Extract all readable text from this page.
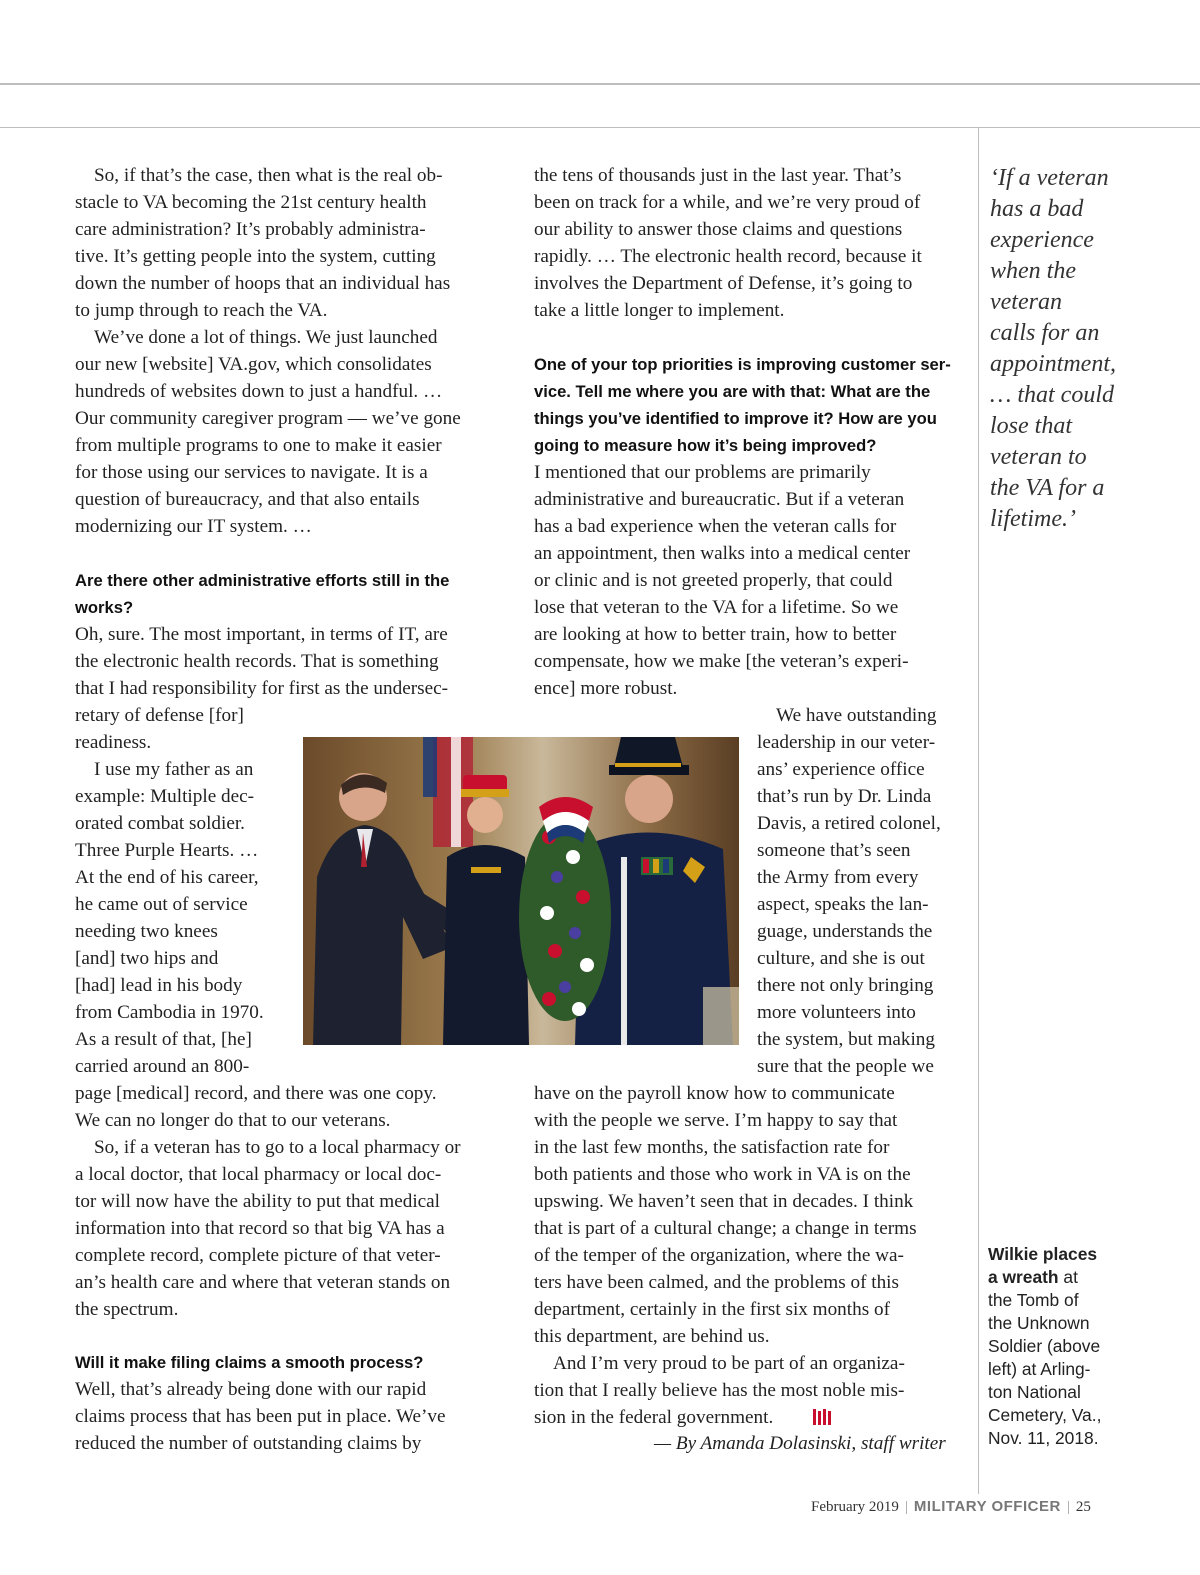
So, if that’s the case, then what is the real ob-
stacle to VA becoming the 21st century health
care administration? It’s probably administra-
tive. It’s getting people into the system, cutting
down the number of hoops that an individual has
to jump through to reach the VA.
We’ve done a lot of things. We just launched
our new [website] VA.gov, which consolidates
hundreds of websites down to just a handful. …
Our community caregiver program — we’ve gone
from multiple programs to one to make it easier
for those using our services to navigate. It is a
question of bureaucracy, and that also entails
modernizing our IT system. …
Are there other administrative efforts still in the
works?
Oh, sure. The most important, in terms of IT, are
the electronic health records. That is something
that I had responsibility for first as the undersec-
retary of defense [for]
readiness.
I use my father as an
example: Multiple dec-
orated combat soldier.
Three Purple Hearts. …
At the end of his career,
he came out of service
needing two knees
[and] two hips and
[had] lead in his body
from Cambodia in 1970.
As a result of that, [he]
carried around an 800-
page [medical] record, and there was one copy.
We can no longer do that to our veterans.
So, if a veteran has to go to a local pharmacy or
a local doctor, that local pharmacy or local doc-
tor will now have the ability to put that medical
information into that record so that big VA has a
complete record, complete picture of that veter-
an’s health care and where that veteran stands on
the spectrum.
Will it make filing claims a smooth process?
Well, that’s already being done with our rapid
claims process that has been put in place. We’ve
reduced the number of outstanding claims by
the tens of thousands just in the last year. That’s
been on track for a while, and we’re very proud of
our ability to answer those claims and questions
rapidly. … The electronic health record, because it
involves the Department of Defense, it’s going to
take a little longer to implement.
One of your top priorities is improving customer ser-
vice. Tell me where you are with that: What are the
things you’ve identified to improve it? How are you
going to measure how it’s being improved?
I mentioned that our problems are primarily
administrative and bureaucratic. But if a veteran
has a bad experience when the veteran calls for
an appointment, then walks into a medical center
or clinic and is not greeted properly, that could
lose that veteran to the VA for a lifetime. So we
are looking at how to better train, how to better
compensate, how we make [the veteran’s experi-
ence] more robust.
We have outstanding
leadership in our veter-
ans’ experience office
that’s run by Dr. Linda
Davis, a retired colonel,
someone that’s seen
the Army from every
aspect, speaks the lan-
guage, understands the
culture, and she is out
there not only bringing
more volunteers into
the system, but making
sure that the people we
have on the payroll know how to communicate
with the people we serve. I’m happy to say that
in the last few months, the satisfaction rate for
both patients and those who work in VA is on the
upswing. We haven’t seen that in decades. I think
that is part of a cultural change; a change in terms
of the temper of the organization, where the wa-
ters have been calmed, and the problems of this
department, certainly in the first six months of
this department, are behind us.
And I’m very proud to be part of an organiza-
tion that I really believe has the most noble mis-
sion in the federal government.
‘If a veteran
has a bad
experience
when the
veteran
calls for an
appointment,
… that could
lose that
veteran to
the VA for a
lifetime.’
Wilkie places
a wreath at
the Tomb of
the Unknown
Soldier (above
left) at Arling-
ton National
Cemetery, Va.,
Nov. 11, 2018.
— By Amanda Dolasinski, staff writer
February 2019 | MILITARY OFFICER | 25
